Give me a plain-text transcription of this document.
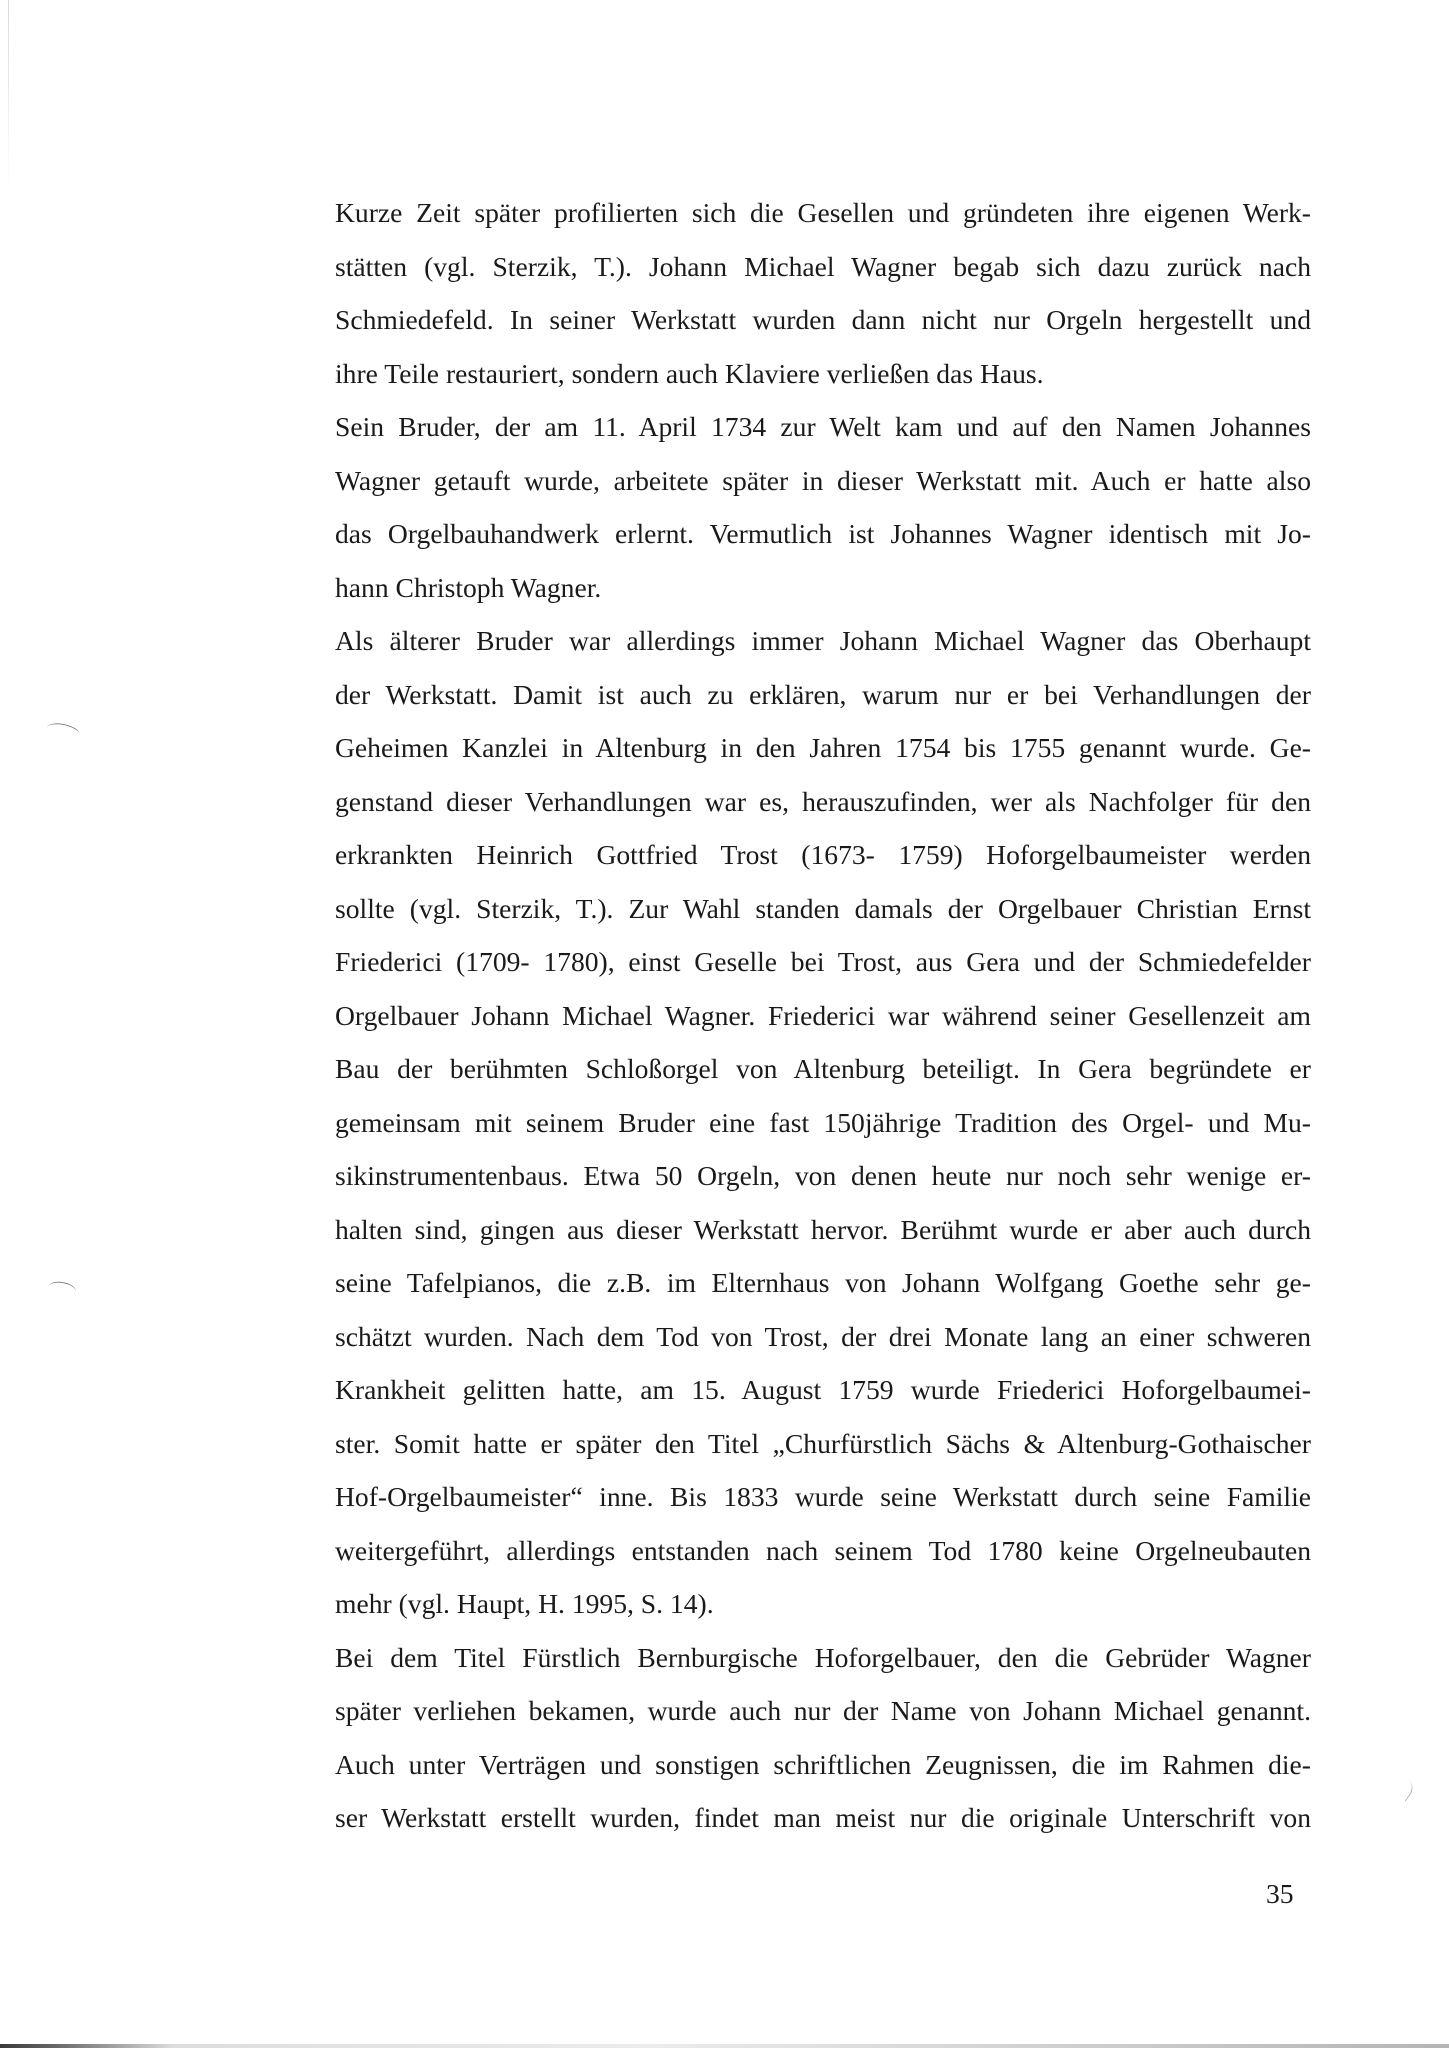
Kurze Zeit später profilierten sich die Gesellen und gründeten ihre eigenen Werk-
stätten (vgl. Sterzik, T.). Johann Michael Wagner begab sich dazu zurück nach
Schmiedefeld. In seiner Werkstatt wurden dann nicht nur Orgeln hergestellt und
ihre Teile restauriert, sondern auch Klaviere verließen das Haus.
Sein Bruder, der am 11. April 1734 zur Welt kam und auf den Namen Johannes
Wagner getauft wurde, arbeitete später in dieser Werkstatt mit. Auch er hatte also
das Orgelbauhandwerk erlernt. Vermutlich ist Johannes Wagner identisch mit Jo-
hann Christoph Wagner.
Als älterer Bruder war allerdings immer Johann Michael Wagner das Oberhaupt
der Werkstatt. Damit ist auch zu erklären, warum nur er bei Verhandlungen der
Geheimen Kanzlei in Altenburg in den Jahren 1754 bis 1755 genannt wurde. Ge-
genstand dieser Verhandlungen war es, herauszufinden, wer als Nachfolger für den
erkrankten Heinrich Gottfried Trost (1673- 1759) Hoforgelbaumeister werden
sollte (vgl. Sterzik, T.). Zur Wahl standen damals der Orgelbauer Christian Ernst
Friederici (1709- 1780), einst Geselle bei Trost, aus Gera und der Schmiedefelder
Orgelbauer Johann Michael Wagner. Friederici war während seiner Gesellenzeit am
Bau der berühmten Schloßorgel von Altenburg beteiligt. In Gera begründete er
gemeinsam mit seinem Bruder eine fast 150jährige Tradition des Orgel- und Mu-
sikinstrumentenbaus. Etwa 50 Orgeln, von denen heute nur noch sehr wenige er-
halten sind, gingen aus dieser Werkstatt hervor. Berühmt wurde er aber auch durch
seine Tafelpianos, die z.B. im Elternhaus von Johann Wolfgang Goethe sehr ge-
schätzt wurden. Nach dem Tod von Trost, der drei Monate lang an einer schweren
Krankheit gelitten hatte, am 15. August 1759 wurde Friederici Hoforgelbaumei-
ster. Somit hatte er später den Titel „Churfürstlich Sächs & Altenburg-Gothaischer
Hof-Orgelbaumeister“ inne. Bis 1833 wurde seine Werkstatt durch seine Familie
weitergeführt, allerdings entstanden nach seinem Tod 1780 keine Orgelneubauten
mehr (vgl. Haupt, H. 1995, S. 14).
Bei dem Titel Fürstlich Bernburgische Hoforgelbauer, den die Gebrüder Wagner
später verliehen bekamen, wurde auch nur der Name von Johann Michael genannt.
Auch unter Verträgen und sonstigen schriftlichen Zeugnissen, die im Rahmen die-
ser Werkstatt erstellt wurden, findet man meist nur die originale Unterschrift von
35
